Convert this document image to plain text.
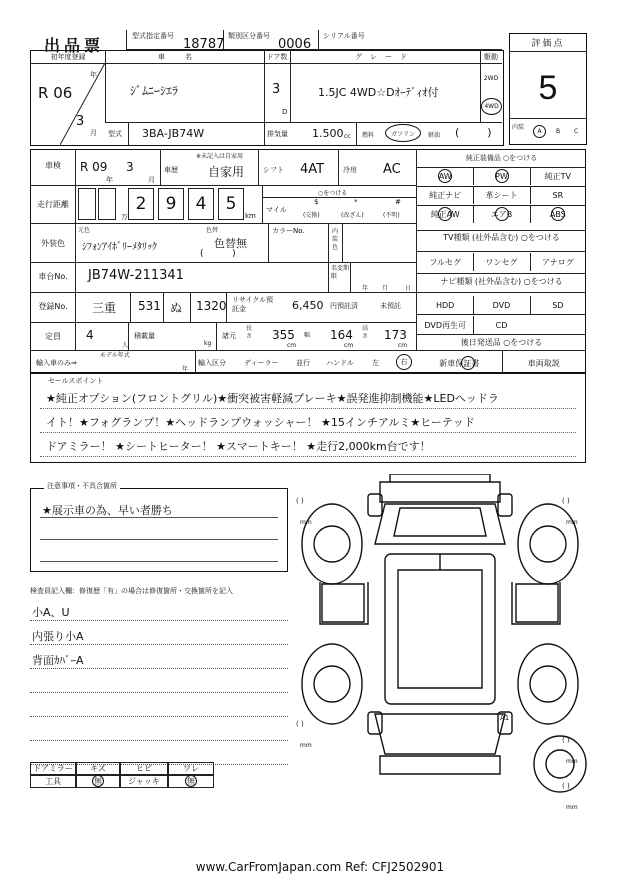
出品票	型式指定番号
18787
類別区分番号
0006
シリアル番号
評価点
5
初年度登録
年
R 06
3
月
車名
ｼﾞﾑﾆｰｼｴﾗ
ドア数
3
D
グレード
1.5JC 4WD☆Dｵｰﾃﾞｨｵ付
駆動
2WD
4WD
型式 3BA-JB74W	排気量 1.500 cc 燃料	ガソリン	軽油 (        )	内装
A	B C
車検	R 09
年
3
月
※未記入は自家用
車歴	自家用	シフト 4AT	冷房 AC
走行距離	2	9	4	5
万	km
○をつける
マイル
$
(交換)
*
(改ざん)
#
(不明)
外装色
元色
ｼﾌｫﾝｱｲﾎﾞﾘｰﾒﾀﾘｯｸ
色替
色替無
(          )
カラーNo.	内装色
車台No.	JB74W-211341	名変期限
年 月	日
登録No.	三重 531 ぬ 1320 リサイクル預託金	6,450 円預託済	未預託
定員	4
人
積載量
kg
諸元
長さ 355
cm
幅 164
cm
高さ 173
cm
輸入車のみ⇒
モデル年式
年
輸入区分	ディーラー	並行 ハンドル	左	右
純正装備品 ○をつける
セールスポイント
★純正オプション(フロントグリル)★衝突被害軽減ブレーキ★誤発進抑制機能★LEDヘッドラ
イト！★フォグランプ！★ヘッドランプウォッシャー！ ★15インチアルミ★ヒーテッド
ドアミラー！ ★シートヒーター！ ★スマートキー！ ★走行2,000km台です！
注意事項・不具合箇所
★展示車の為、早い者勝ち
検査員記入欄：修復歴「有」の場合は修復箇所・交換箇所を記入
小A、U
内張り小A
背面ｶﾊﾞｰA
ドアミラー	キズ	ヒビ	ワレ
工具	無	ジャッキ	無
( )
mm
( )
mm
( )
mm
( )
mm
( )
mm
A1
www.CarFromJapan.com Ref: CFJ2502901
AW	PW	純正TV
純正ナビ	革シート	SR
純正AW	エアB	ABS
TV種類 (社外品含む) ○をつける
フルセグ	ワンセグ	アナログ
ナビ種類 (社外品含む) ○をつける
HDD	DVD	SD
DVD再生可	CD
後日発送品 ○をつける
新車保証書	車両取説
